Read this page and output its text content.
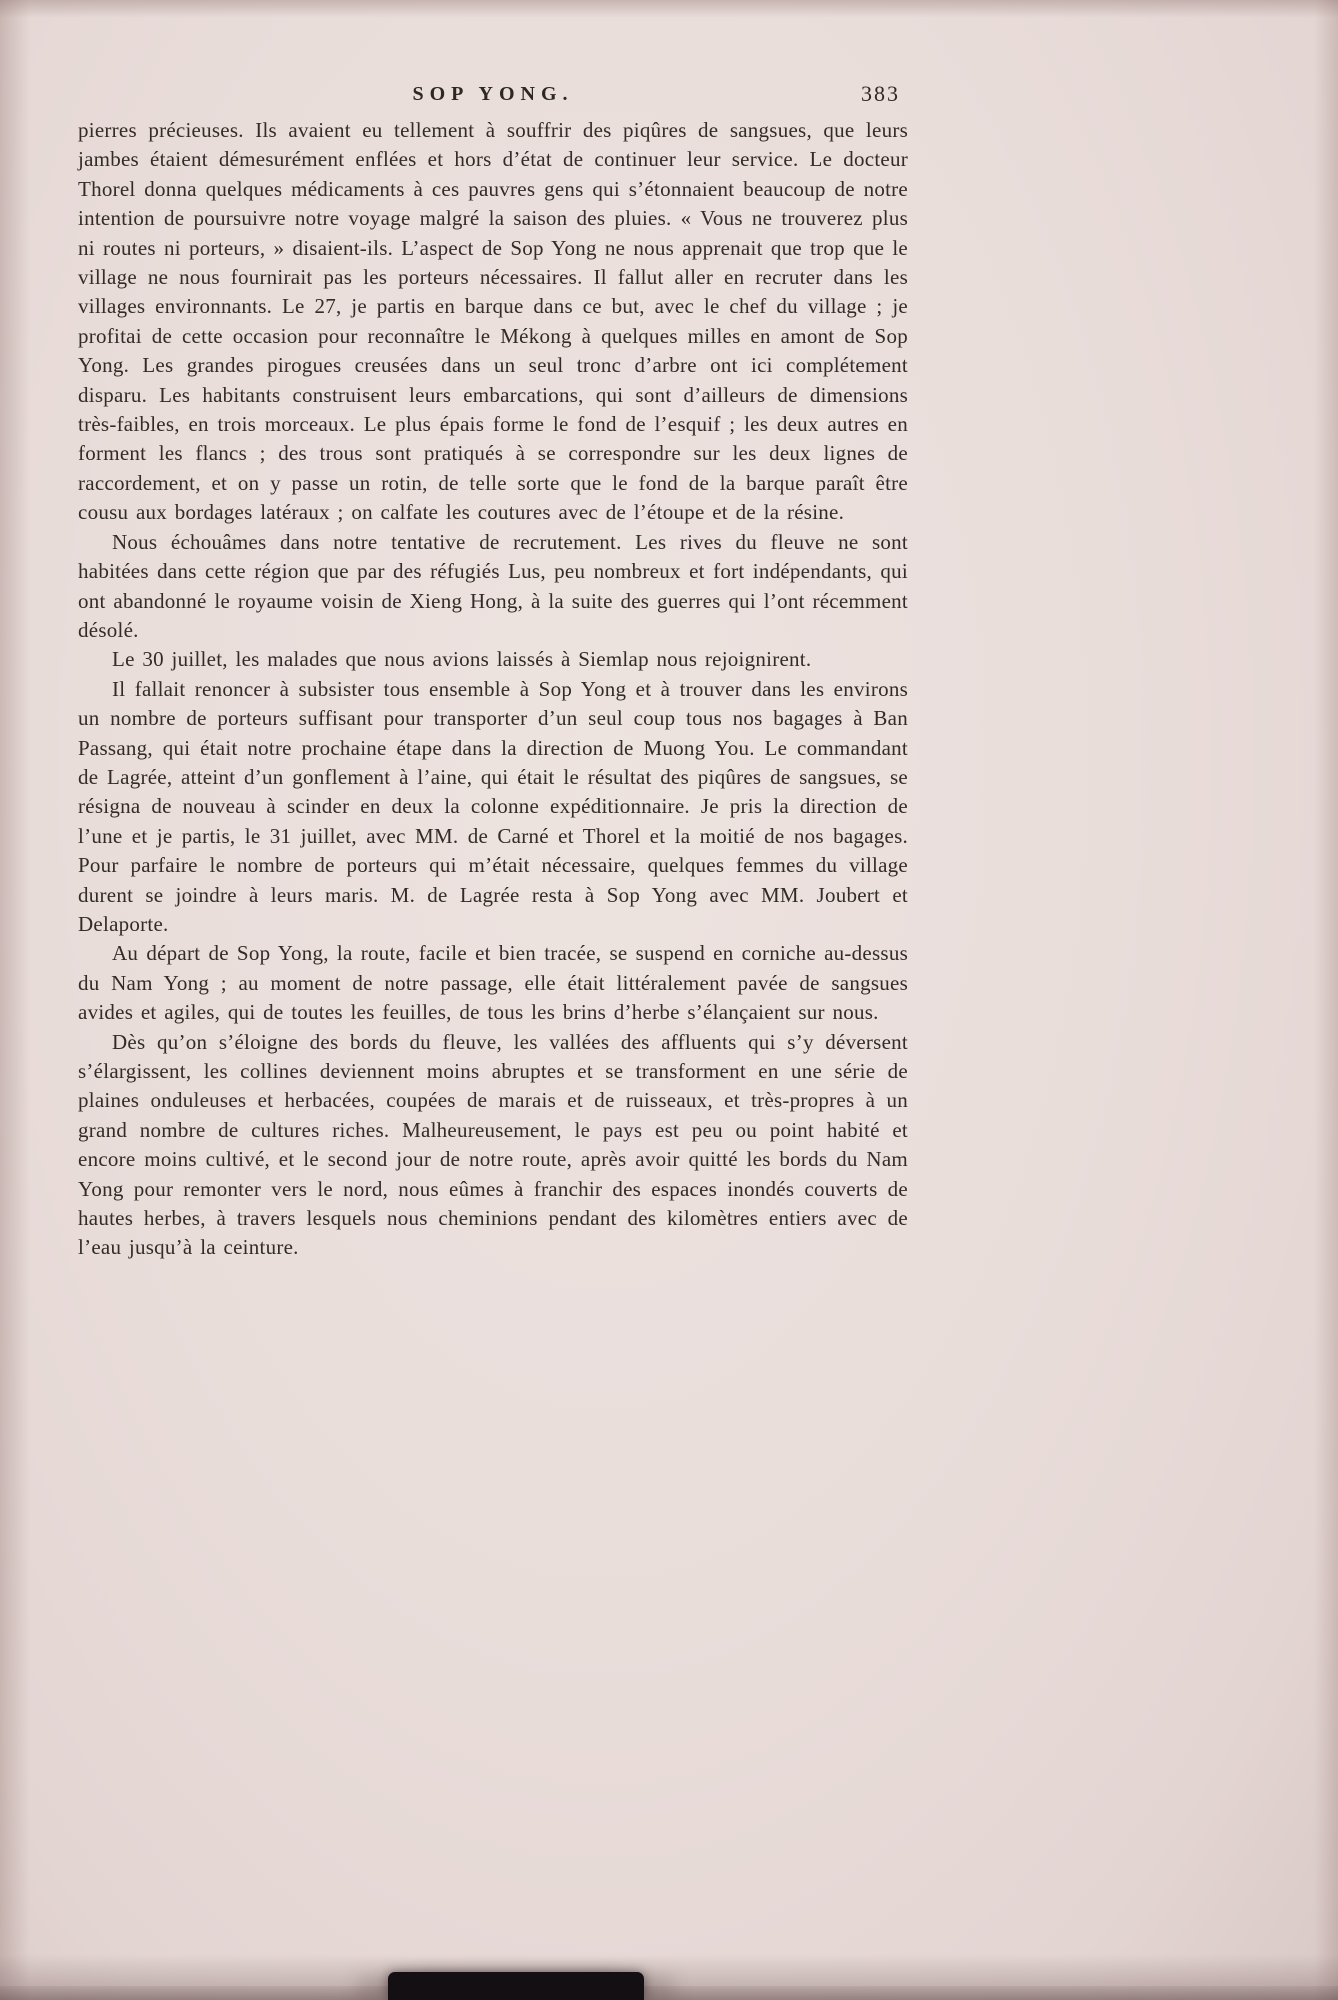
SOP YONG.	383

pierres précieuses. Ils avaient eu tellement à souffrir des piqûres de sangsues, que leurs jambes étaient démesurément enflées et hors d’état de continuer leur service. Le docteur Thorel donna quelques médicaments à ces pauvres gens qui s’étonnaient beaucoup de notre intention de poursuivre notre voyage malgré la saison des pluies. « Vous ne trouverez plus ni routes ni porteurs, » disaient-ils. L’aspect de Sop Yong ne nous apprenait que trop que le village ne nous fournirait pas les porteurs nécessaires. Il fallut aller en recruter dans les villages environnants. Le 27, je partis en barque dans ce but, avec le chef du village ; je profitai de cette occasion pour reconnaître le Mékong à quelques milles en amont de Sop Yong. Les grandes pirogues creusées dans un seul tronc d’arbre ont ici complétement disparu. Les habitants construisent leurs embarcations, qui sont d’ailleurs de dimensions très-faibles, en trois morceaux. Le plus épais forme le fond de l’esquif ; les deux autres en forment les flancs ; des trous sont pratiqués à se correspondre sur les deux lignes de raccordement, et on y passe un rotin, de telle sorte que le fond de la barque paraît être cousu aux bordages latéraux ; on calfate les coutures avec de l’étoupe et de la résine.

Nous échouâmes dans notre tentative de recrutement. Les rives du fleuve ne sont habitées dans cette région que par des réfugiés Lus, peu nombreux et fort indépendants, qui ont abandonné le royaume voisin de Xieng Hong, à la suite des guerres qui l’ont récemment désolé.

Le 30 juillet, les malades que nous avions laissés à Siemlap nous rejoignirent.

Il fallait renoncer à subsister tous ensemble à Sop Yong et à trouver dans les environs un nombre de porteurs suffisant pour transporter d’un seul coup tous nos bagages à Ban Passang, qui était notre prochaine étape dans la direction de Muong You. Le commandant de Lagrée, atteint d’un gonflement à l’aine, qui était le résultat des piqûres de sangsues, se résigna de nouveau à scinder en deux la colonne expéditionnaire. Je pris la direction de l’une et je partis, le 31 juillet, avec MM. de Carné et Thorel et la moitié de nos bagages. Pour parfaire le nombre de porteurs qui m’était nécessaire, quelques femmes du village durent se joindre à leurs maris. M. de Lagrée resta à Sop Yong avec MM. Joubert et Delaporte.

Au départ de Sop Yong, la route, facile et bien tracée, se suspend en corniche au-dessus du Nam Yong ; au moment de notre passage, elle était littéralement pavée de sangsues avides et agiles, qui de toutes les feuilles, de tous les brins d’herbe s’élançaient sur nous.

Dès qu’on s’éloigne des bords du fleuve, les vallées des affluents qui s’y déversent s’élargissent, les collines deviennent moins abruptes et se transforment en une série de plaines onduleuses et herbacées, coupées de marais et de ruisseaux, et très-propres à un grand nombre de cultures riches. Malheureusement, le pays est peu ou point habité et encore moins cultivé, et le second jour de notre route, après avoir quitté les bords du Nam Yong pour remonter vers le nord, nous eûmes à franchir des espaces inondés couverts de hautes herbes, à travers lesquels nous cheminions pendant des kilomètres entiers avec de l’eau jusqu’à la ceinture.
